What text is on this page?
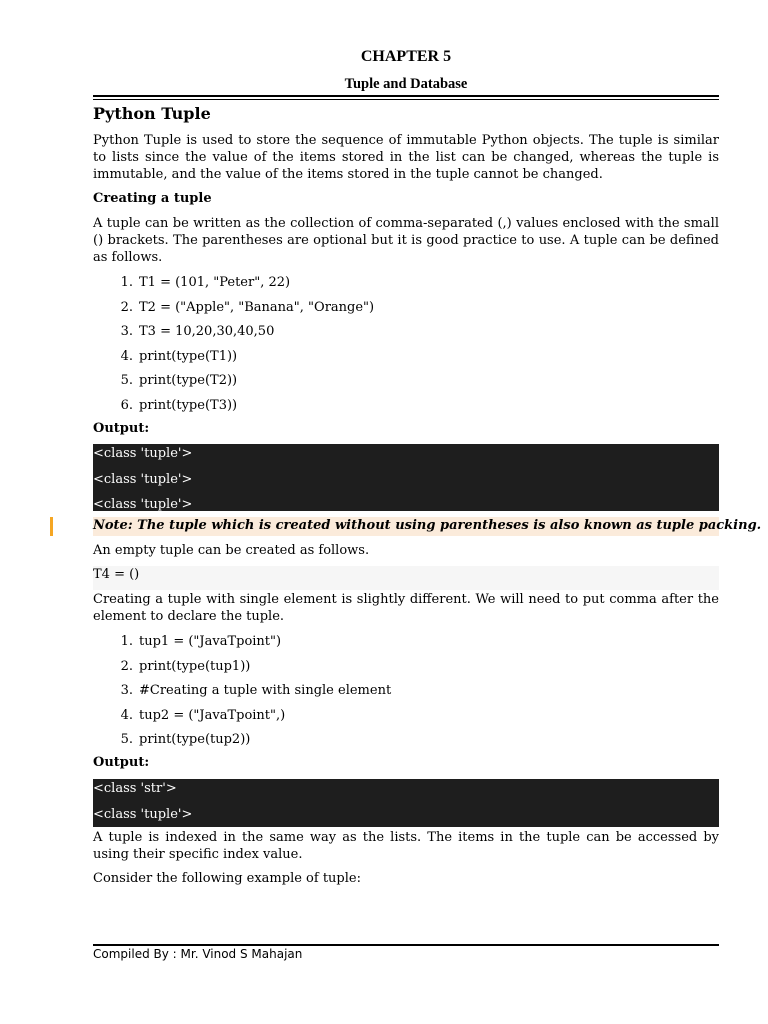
CHAPTER 5
Tuple and Database
Python Tuple
Python Tuple is used to store the sequence of immutable Python objects. The tuple is similar to lists since the value of the items stored in the list can be changed, whereas the tuple is immutable, and the value of the items stored in the tuple cannot be changed.
Creating a tuple
A tuple can be written as the collection of comma-separated (,) values enclosed with the small () brackets. The parentheses are optional but it is good practice to use. A tuple can be defined as follows.
1. T1 = (101, "Peter", 22)
2. T2 = ("Apple", "Banana", "Orange")
3. T3 = 10,20,30,40,50
4. print(type(T1))
5. print(type(T2))
6. print(type(T3))
Output:
<class 'tuple'>
<class 'tuple'>
<class 'tuple'>
Note: The tuple which is created without using parentheses is also known as tuple packing.
An empty tuple can be created as follows.
T4 = ()
Creating a tuple with single element is slightly different. We will need to put comma after the element to declare the tuple.
1. tup1 = ("JavaTpoint")
2. print(type(tup1))
3. #Creating a tuple with single element
4. tup2 = ("JavaTpoint",)
5. print(type(tup2))
Output:
<class 'str'>
<class 'tuple'>
A tuple is indexed in the same way as the lists. The items in the tuple can be accessed by using their specific index value.
Consider the following example of tuple:
Compiled By : Mr. Vinod S Mahajan
